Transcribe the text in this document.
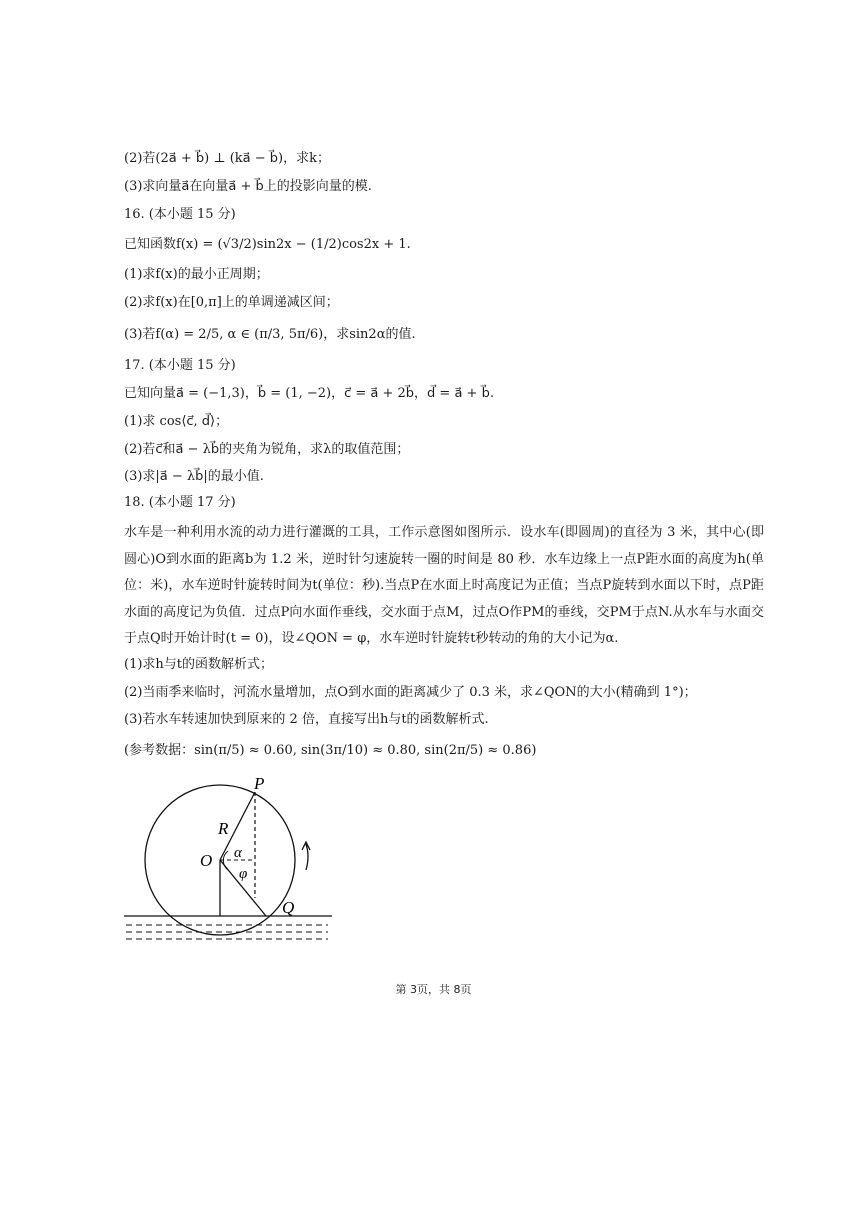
(2)若(2a⃗ + b⃗) ⊥ (ka⃗ − b⃗)，求k；
(3)求向量a⃗在向量a⃗ + b⃗上的投影向量的模.
16. (本小题 15 分)
已知函数f(x) = (√3/2)sin2x − (1/2)cos2x + 1.
(1)求f(x)的最小正周期；
(2)求f(x)在[0,π]上的单调递减区间；
(3)若f(α) = 2/5, α ∈ (π/3, 5π/6)，求sin2α的值.
17. (本小题 15 分)
已知向量a⃗ = (−1,3)，b⃗ = (1, −2)，c⃗ = a⃗ + 2b⃗，d⃗ = a⃗ + b⃗.
(1)求 cos⟨c⃗, d⃗⟩；
(2)若c⃗和a⃗ − λb⃗的夹角为锐角，求λ的取值范围；
(3)求|a⃗ − λb⃗|的最小值.
18. (本小题 17 分)
水车是一种利用水流的动力进行灌溉的工具，工作示意图如图所示．设水车(即圆周)的直径为 3 米，其中心(即圆心)O到水面的距离b为 1.2 米，逆时针匀速旋转一圈的时间是 80 秒．水车边缘上一点P距水面的高度为h(单位：米)，水车逆时针旋转时间为t(单位：秒).当点P在水面上时高度记为正值；当点P旋转到水面以下时，点P距水面的高度记为负值．过点P向水面作垂线，交水面于点M，过点O作PM的垂线，交PM于点N.从水车与水面交于点Q时开始计时(t = 0)，设∠QON = φ，水车逆时针旋转t秒转动的角的大小记为α.
(1)求h与t的函数解析式；
(2)当雨季来临时，河流水量增加，点O到水面的距离减少了 0.3 米，求∠QON的大小(精确到 1°)；
(3)若水车转速加快到原来的 2 倍，直接写出h与t的函数解析式.
(参考数据：sin(π/5) ≈ 0.60, sin(3π/10) ≈ 0.80, sin(2π/5) ≈ 0.86)
P
R
O α
φ
Q
第 3页，共 8页
